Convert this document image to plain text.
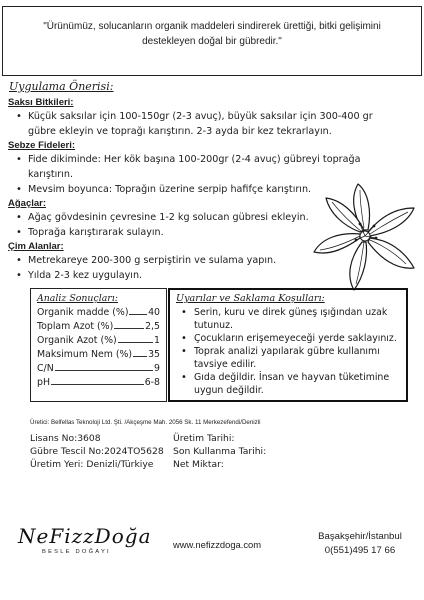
"Ürünümüz, solucanların organik maddeleri sindirerek ürettiği, bitki gelişimini
destekleyen doğal bir gübredir."
Uygulama Önerisi:
Saksı Bitkileri:
• Küçük saksılar için 100-150gr (2-3 avuç), büyük saksılar için 300-400 gr
gübre ekleyin ve toprağı karıştırın. 2-3 ayda bir kez tekrarlayın.
Sebze Fideleri:
• Fide dikiminde: Her kök başına 100-200gr (2-4 avuç) gübreyi toprağa
karıştırın.
• Mevsim boyunca: Toprağın üzerine serpip hafifçe karıştırın.
Ağaçlar:
• Ağaç gövdesinin çevresine 1-2 kg solucan gübresi ekleyin.
• Toprağa karıştırarak sulayın.
Çim Alanlar:
• Metrekareye 200-300 g serpiştirin ve sulama yapın.
• Yılda 2-3 kez uygulayın.
Analiz Sonuçları:
Organik madde (%) 40
Toplam Azot (%)	2,5
Organik Azot (%)	1
Maksimum Nem (%) 35
C/N	9
pH	6-8
Uyarılar ve Saklama Koşulları:
• Serin, kuru ve direk güneş ışığından uzak
tutunuz.
• Çocukların erişemeyeceği yerde saklayınız.
• Toprak analizi yapılarak gübre kullanımı
tavsiye edilir.
• Gıda değildir. İnsan ve hayvan tüketimine
uygun değildir.
Üretici: Belfellas Teknoloji Ltd. Şti. /Akçeşme Mah. 2056 Sk. 11 Merkezefendi/Denizli
Lisans No:3608
Gübre Tescil No:2024TO5628
Üretim Yeri: Denizli/Türkiye
Üretim Tarihi:
Son Kullanma Tarihi:
Net Miktar:
NeFizzDoğa
BESLE DOĞAYI
www.nefizzdoga.com
Başakşehir/İstanbul
0(551)495 17 66
